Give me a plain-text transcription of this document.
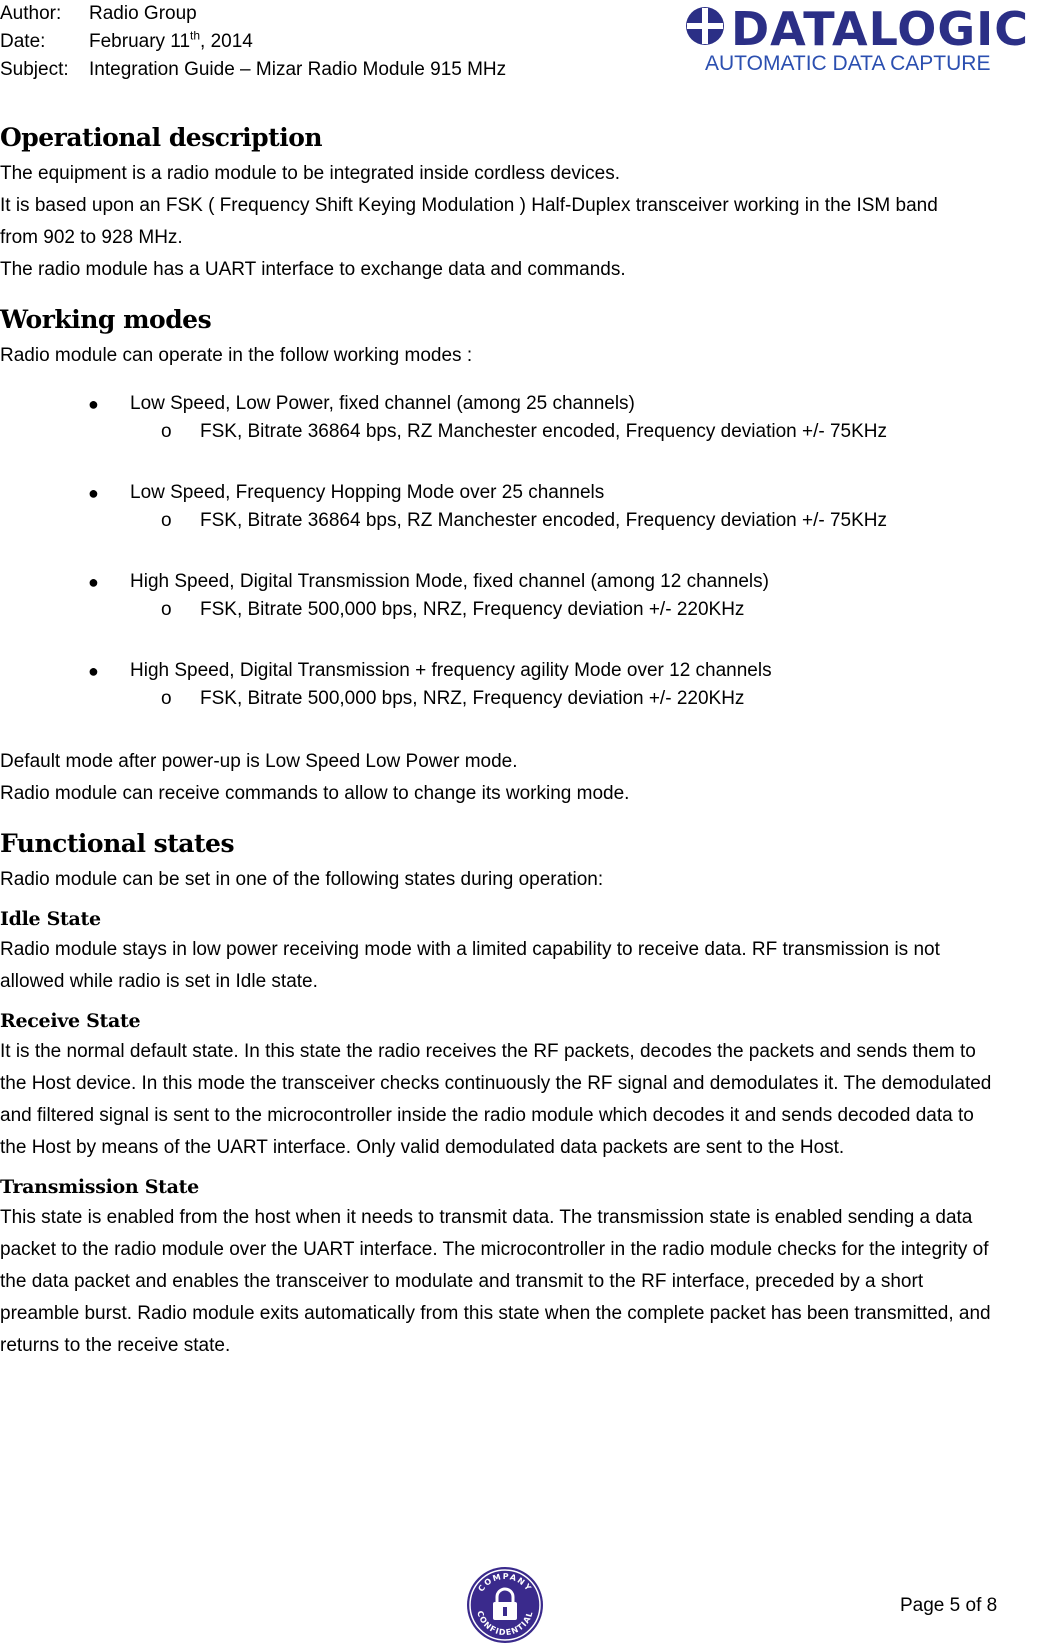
Author:	Radio Group
Date:	February 11th, 2014
Subject:	Integration Guide – Mizar Radio Module 915 MHz
DATALOGIC
AUTOMATIC DATA CAPTURE
Operational description

The equipment is a radio module to be integrated inside cordless devices.

It is based upon an FSK ( Frequency Shift Keying Modulation ) Half-Duplex transceiver working in the ISM band from 902 to 928 MHz.

The radio module has a UART interface to exchange data and commands.

Working modes

Radio module can operate in the follow working modes :

● Low Speed, Low Power, fixed channel (among 25 channels)
o FSK, Bitrate 36864 bps, RZ Manchester encoded, Frequency deviation +/- 75KHz
● Low Speed, Frequency Hopping Mode over 25 channels
o FSK, Bitrate 36864 bps, RZ Manchester encoded, Frequency deviation +/- 75KHz
● High Speed, Digital Transmission Mode, fixed channel (among 12 channels)
o FSK, Bitrate 500,000 bps, NRZ, Frequency deviation +/- 220KHz
● High Speed, Digital Transmission + frequency agility Mode over 12 channels
o FSK, Bitrate 500,000 bps, NRZ, Frequency deviation +/- 220KHz

Default mode after power-up is Low Speed Low Power mode.

Radio module can receive commands to allow to change its working mode.

Functional states

Radio module can be set in one of the following states during operation:

Idle State

Radio module stays in low power receiving mode with a limited capability to receive data. RF transmission is not allowed while radio is set in Idle state.

Receive State

It is the normal default state. In this state the radio receives the RF packets, decodes the packets and sends them to the Host device. In this mode the transceiver checks continuously the RF signal and demodulates it. The demodulated and filtered signal is sent to the microcontroller inside the radio module which decodes it and sends decoded data to the Host by means of the UART interface. Only valid demodulated data packets are sent to the Host.

Transmission State

This state is enabled from the host when it needs to transmit data. The transmission state is enabled sending a data packet to the radio module over the UART interface. The microcontroller in the radio module checks for the integrity of the data packet and enables the transceiver to modulate and transmit to the RF interface, preceded by a short preamble burst. Radio module exits automatically from this state when the complete packet has been transmitted, and returns to the receive state.

COMPANY
CONFIDENTIAL	Page 5 of 8
